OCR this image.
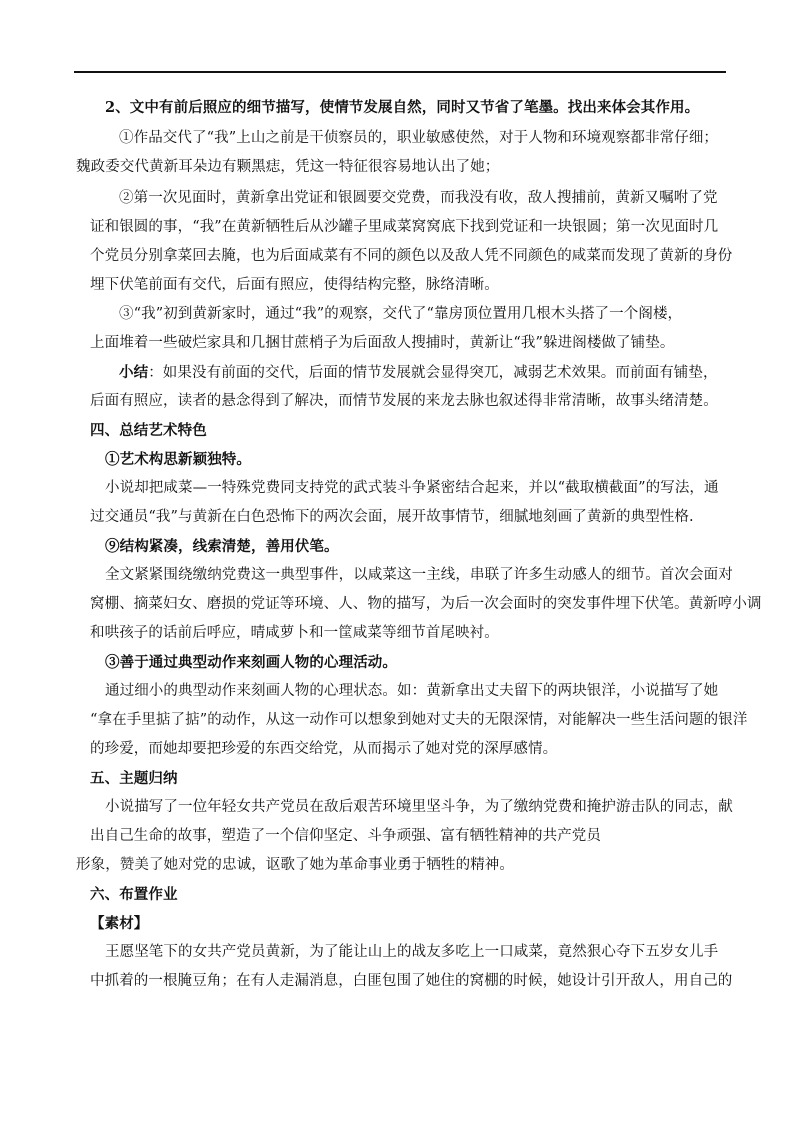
2、文中有前后照应的细节描写，使情节发展自然，同时又节省了笔墨。找出来体会其作用。
①作品交代了“我”上山之前是干侦察员的，职业敏感使然，对于人物和环境观察都非常仔细；
魏政委交代黄新耳朵边有颗黑痣，凭这一特征很容易地认出了她；
②第一次见面时，黄新拿出党证和银圆要交党费，而我没有收，敌人搜捕前，黄新又嘱咐了党
证和银圆的事，“我”在黄新牺牲后从沙罐子里咸菜窝窝底下找到党证和一块银圆；第一次见面时几
个党员分别拿菜回去腌，也为后面咸菜有不同的颜色以及敌人凭不同颜色的咸菜而发现了黄新的身份
埋下伏笔前面有交代，后面有照应，使得结构完整，脉络清晰。
③“我”初到黄新家时，通过“我”的观察，交代了“靠房顶位置用几根木头搭了一个阁楼，
上面堆着一些破烂家具和几捆甘蔗梢子为后面敌人搜捕时，黄新让“我”躲进阁楼做了铺垫。
小结：如果没有前面的交代，后面的情节发展就会显得突兀，减弱艺术效果。而前面有铺垫，
后面有照应，读者的悬念得到了解决，而情节发展的来龙去脉也叙述得非常清晰，故事头绪清楚。
四、总结艺术特色
①艺术构思新颖独特。
小说却把咸菜—一特殊党费同支持党的武式装斗争紧密结合起来，并以“截取横截面”的写法，通
过交通员“我”与黄新在白色恐怖下的两次会面，展开故事情节，细腻地刻画了黄新的典型性格.
⑨结构紧凑，线索清楚，善用伏笔。
全文紧紧围绕缴纳党费这一典型事件，以咸菜这一主线，串联了许多生动感人的细节。首次会面对
窝棚、摘菜妇女、磨损的党证等环境、人、物的描写，为后一次会面时的突发事件埋下伏笔。黄新哼小调
和哄孩子的话前后呼应，晴咸萝卜和一筐咸菜等细节首尾映衬。
③善于通过典型动作来刻画人物的心理活动。
通过细小的典型动作来刻画人物的心理状态。如：黄新拿出丈夫留下的两块银洋，小说描写了她
“拿在手里掂了掂”的动作，从这一动作可以想象到她对丈夫的无限深情，对能解决一些生活问题的银洋
的珍爱，而她却要把珍爱的东西交给党，从而揭示了她对党的深厚感情。
五、主题归纳
小说描写了一位年轻女共产党员在敌后艰苦环境里坚斗争，为了缴纳党费和掩护游击队的同志，献
出自己生命的故事，塑造了一个信仰坚定、斗争顽强、富有牺牲精神的共产党员
形象，赞美了她对党的忠诚，讴歌了她为革命事业勇于牺牲的精神。
六、布置作业
【素材】
王愿坚笔下的女共产党员黄新，为了能让山上的战友多吃上一口咸菜，竟然狠心夺下五岁女儿手
中抓着的一根腌豆角；在有人走漏消息，白匪包围了她住的窝棚的时候，她设计引开敌人，用自己的
